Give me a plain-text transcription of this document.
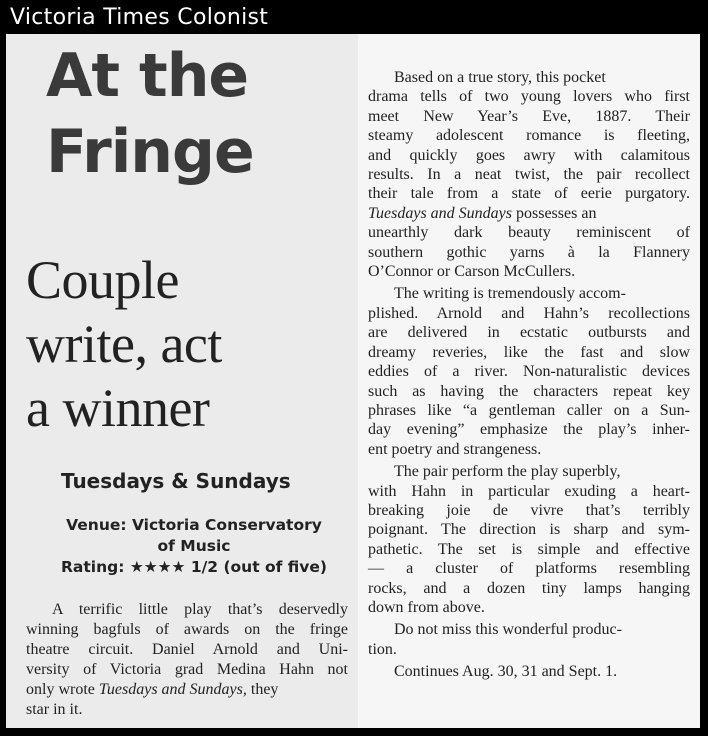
Victoria Times Colonist
At the
Fringe
Couple
write, act
a winner
Tuesdays & Sundays
Venue: Victoria Conservatory
of Music
Rating: ★★★★ 1/2 (out of five)
A terrific little play that’s deservedly
winning bagfuls of awards on the fringe
theatre circuit. Daniel Arnold and Uni-
versity of Victoria grad Medina Hahn not
only wrote Tuesdays and Sundays, they
star in it.

Based on a true story, this pocket
drama tells of two young lovers who first
meet New Year’s Eve, 1887. Their
steamy adolescent romance is fleeting,
and quickly goes awry with calamitous
results. In a neat twist, the pair recollect
their tale from a state of eerie purgatory.
Tuesdays and Sundays possesses an
unearthly dark beauty reminiscent of
southern gothic yarns à la Flannery
O’Connor or Carson McCullers.

The writing is tremendously accom-
plished. Arnold and Hahn’s recollections
are delivered in ecstatic outbursts and
dreamy reveries, like the fast and slow
eddies of a river. Non-naturalistic devices
such as having the characters repeat key
phrases like “a gentleman caller on a Sun-
day evening” emphasize the play’s inher-
ent poetry and strangeness.

The pair perform the play superbly,
with Hahn in particular exuding a heart-
breaking joie de vivre that’s terribly
poignant. The direction is sharp and sym-
pathetic. The set is simple and effective
— a cluster of platforms resembling
rocks, and a dozen tiny lamps hanging
down from above.

Do not miss this wonderful produc-
tion.

Continues Aug. 30, 31 and Sept. 1.
